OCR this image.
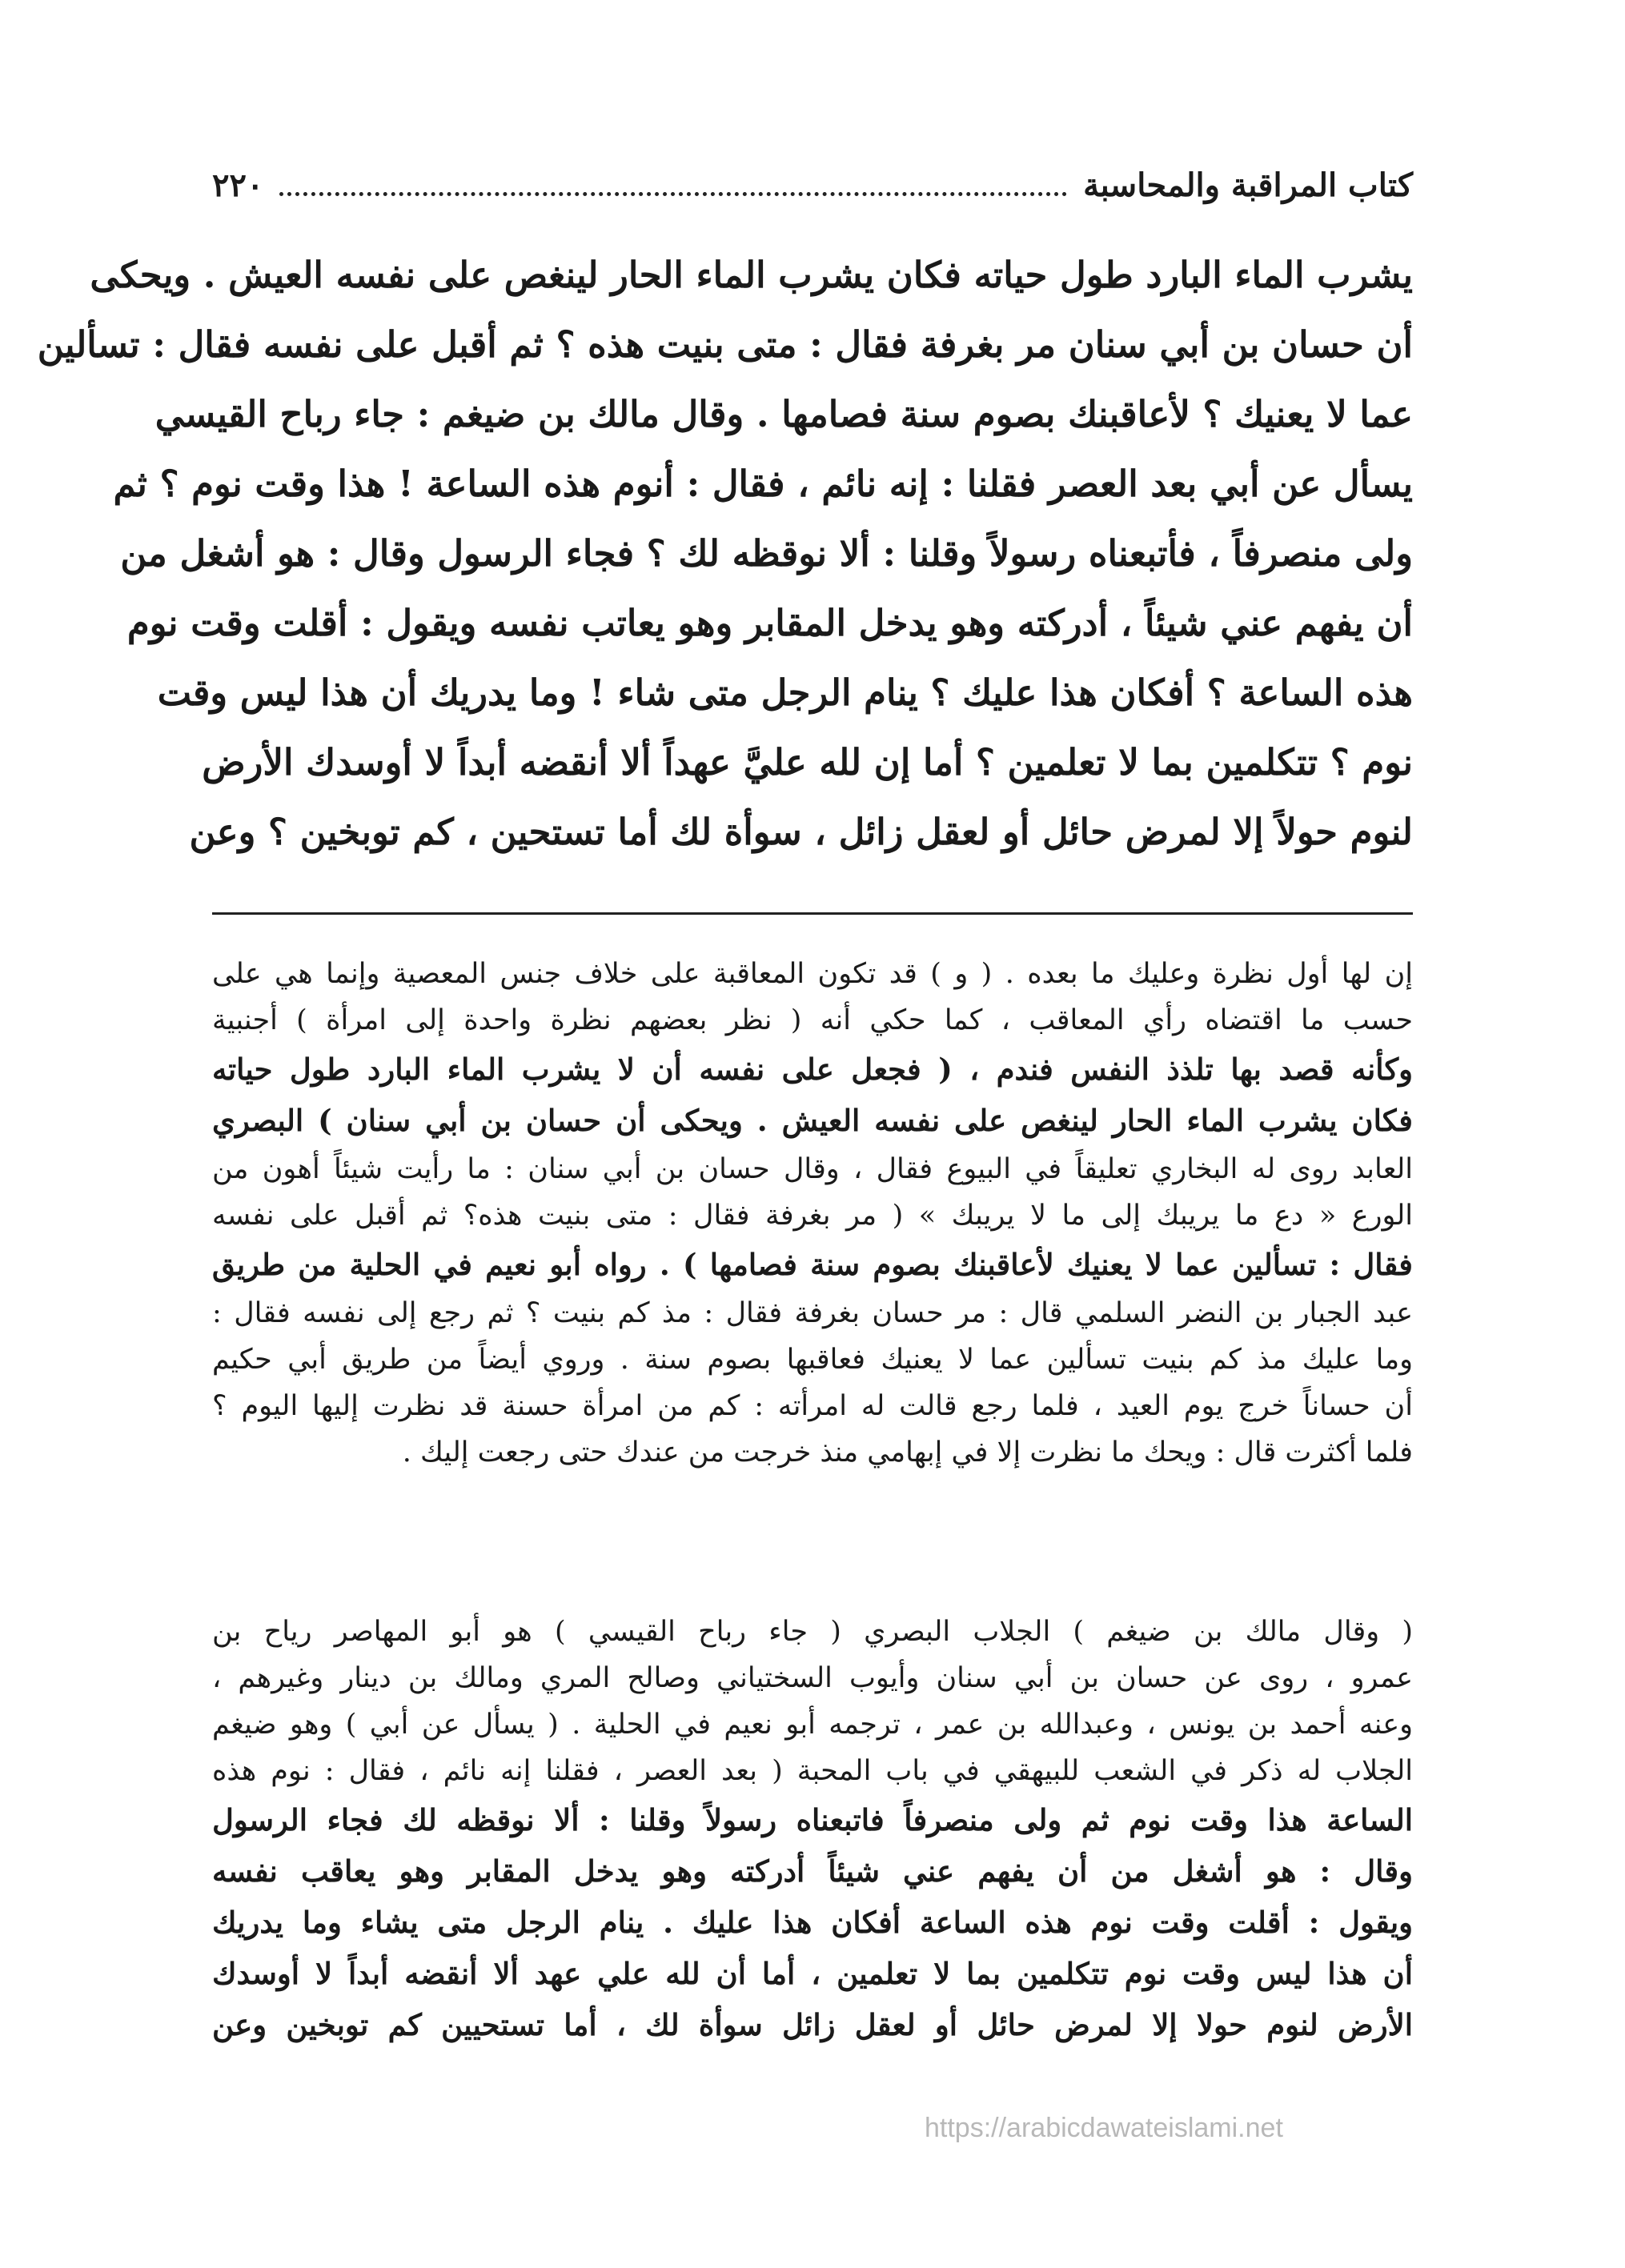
كتاب المراقبة والمحاسبة
٢٢٠
يشرب الماء البارد طول حياته فكان يشرب الماء الحار لينغص على نفسه العيش . ويحكى
أن حسان بن أبي سنان مر بغرفة فقال : متى بنيت هذه ؟ ثم أقبل على نفسه فقال : تسألين
عما لا يعنيك ؟ لأعاقبنك بصوم سنة فصامها . وقال مالك بن ضيغم : جاء رباح القيسي
يسأل عن أبي بعد العصر فقلنا : إنه نائم ، فقال : أنوم هذه الساعة ! هذا وقت نوم ؟ ثم
ولى منصرفاً ، فأتبعناه رسولاً وقلنا : ألا نوقظه لك ؟ فجاء الرسول وقال : هو أشغل من
أن يفهم عني شيئاً ، أدركته وهو يدخل المقابر وهو يعاتب نفسه ويقول : أقلت وقت نوم
هذه الساعة ؟ أفكان هذا عليك ؟ ينام الرجل متى شاء ! وما يدريك أن هذا ليس وقت
نوم ؟ تتكلمين بما لا تعلمين ؟ أما إن لله عليَّ عهداً ألا أنقضه أبداً لا أوسدك الأرض
لنوم حولاً إلا لمرض حائل أو لعقل زائل ، سوأة لك أما تستحين ، كم توبخين ؟ وعن
إن لها أول نظرة وعليك ما بعده . ( و ) قد تكون المعاقبة على خلاف جنس المعصية وإنما هي على
حسب ما اقتضاه رأي المعاقب ، كما حكي أنه ( نظر بعضهم نظرة واحدة إلى امرأة ) أجنبية
وكأنه قصد بها تلذذ النفس فندم ، ( فجعل على نفسه أن لا يشرب الماء البارد طول حياته
فكان يشرب الماء الحار لينغص على نفسه العيش . ويحكى أن حسان بن أبي سنان ) البصري
العابد روى له البخاري تعليقاً في البيوع فقال ، وقال حسان بن أبي سنان : ما رأيت شيئاً أهون من
الورع « دع ما يريبك إلى ما لا يريبك » ( مر بغرفة فقال : متى بنيت هذه؟ ثم أقبل على نفسه
فقال : تسألين عما لا يعنيك لأعاقبنك بصوم سنة فصامها ) . رواه أبو نعيم في الحلية من طريق
عبد الجبار بن النضر السلمي قال : مر حسان بغرفة فقال : مذ كم بنيت ؟ ثم رجع إلى نفسه فقال :
وما عليك مذ كم بنيت تسألين عما لا يعنيك فعاقبها بصوم سنة . وروي أيضاً من طريق أبي حكيم
أن حساناً خرج يوم العيد ، فلما رجع قالت له امرأته : كم من امرأة حسنة قد نظرت إليها اليوم ؟
فلما أكثرت قال : ويحك ما نظرت إلا في إبهامي منذ خرجت من عندك حتى رجعت إليك .
( وقال مالك بن ضيغم ) الجلاب البصري ( جاء رباح القيسي ) هو أبو المهاصر رياح بن
عمرو ، روى عن حسان بن أبي سنان وأيوب السختياني وصالح المري ومالك بن دينار وغيرهم ،
وعنه أحمد بن يونس ، وعبدالله بن عمر ، ترجمه أبو نعيم في الحلية . ( يسأل عن أبي ) وهو ضيغم
الجلاب له ذكر في الشعب للبيهقي في باب المحبة ( بعد العصر ، فقلنا إنه نائم ، فقال : نوم هذه
الساعة هذا وقت نوم ثم ولى منصرفاً فاتبعناه رسولاً وقلنا : ألا نوقظه لك فجاء الرسول
وقال : هو أشغل من أن يفهم عني شيئاً أدركته وهو يدخل المقابر وهو يعاقب نفسه
ويقول : أقلت وقت نوم هذه الساعة أفكان هذا عليك . ينام الرجل متى يشاء وما يدريك
أن هذا ليس وقت نوم تتكلمين بما لا تعلمين ، أما أن لله علي عهد ألا أنقضه أبداً لا أوسدك
الأرض لنوم حولا إلا لمرض حائل أو لعقل زائل سوأة لك ، أما تستحيين كم توبخين وعن
https://arabicdawateislami.net
